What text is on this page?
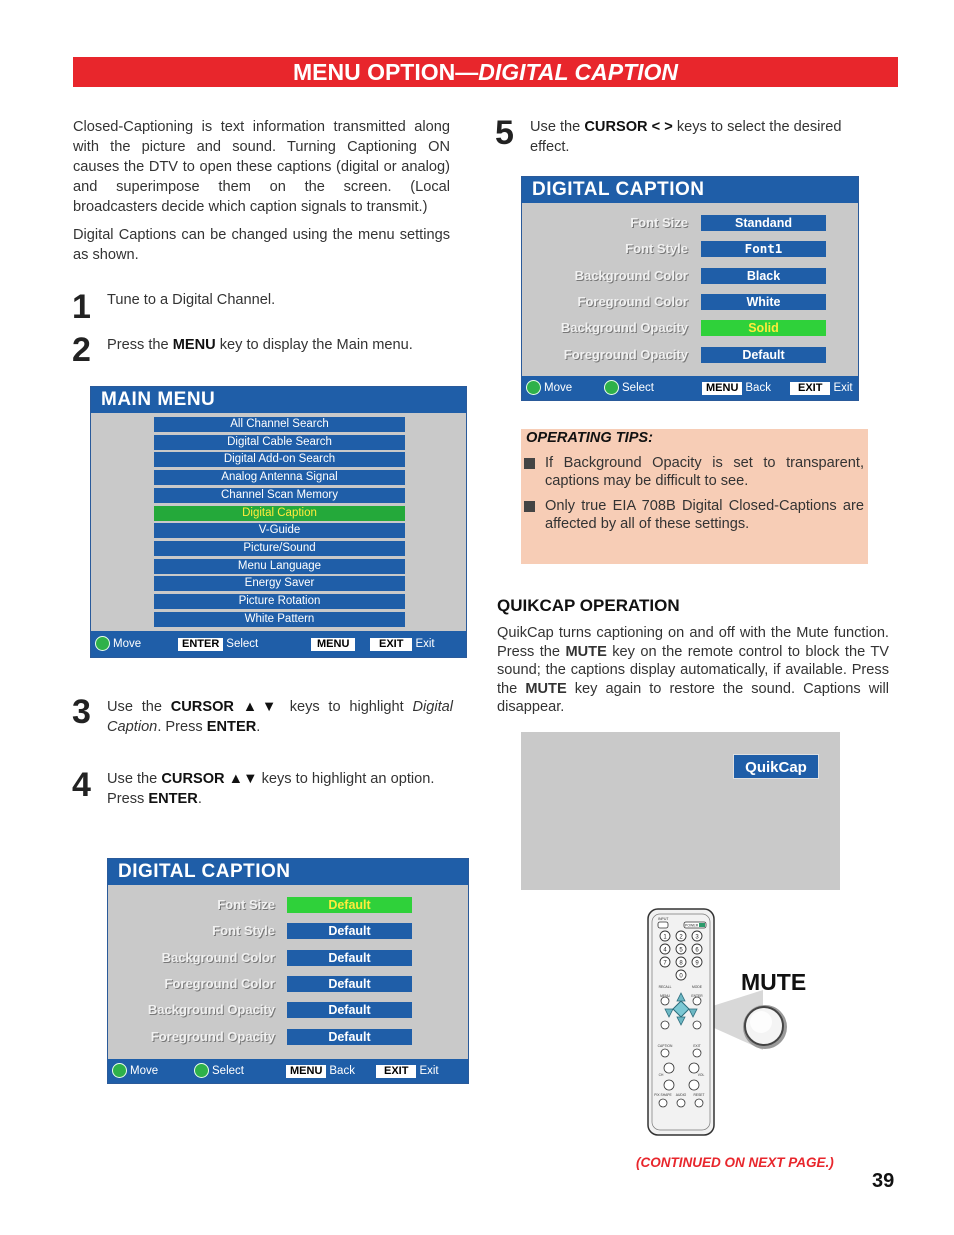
MENU OPTION—DIGITAL CAPTION

Closed-Captioning is text information transmitted along with the picture and sound. Turning Captioning ON causes the DTV to open these captions (digital or analog) and superimpose them on the screen. (Local broadcasters decide which caption signals to transmit.)

Digital Captions can be changed using the menu settings as shown.

1 Tune to a Digital Channel.
2 Press the MENU key to display the Main menu.
MAIN MENU
All Channel Search
Digital Cable Search
Digital Add-on Search
Analog Antenna Signal
Channel Scan Memory
Digital Caption
V-Guide
Picture/Sound
Menu Language
Energy Saver
Picture Rotation
White Pattern
Move	ENTER Select	MENU	EXIT Exit
3 Use the CURSOR ▲▼ keys to highlight Digital Caption. Press ENTER.
4 Use the CURSOR ▲▼ keys to highlight an option. Press ENTER.
DIGITAL CAPTION
Font Size	Default
Font Style	Default
Background Color	Default
Foreground Color	Default
Background Opacity	Default
Foreground Opacity	Default
Move	Select	MENU Back	EXIT Exit
5 Use the CURSOR < > keys to select the desired effect.
DIGITAL CAPTION
Font Size	Standand
Font Style	Font1
Background Color	Black
Foreground Color	White
Background Opacity	Solid
Foreground Opacity	Default
Move	Select	MENU Back	EXIT Exit
OPERATING TIPS:
If Background Opacity is set to transparent, captions may be difficult to see.
Only true EIA 708B Digital Closed-Captions are affected by all of these settings.
QUIKCAP OPERATION

QuikCap turns captioning on and off with the Mute function. Press the MUTE key on the remote control to block the TV sound; the captions display automatically, if available. Press the MUTE key again to restore the sound. Captions will disappear.

QuikCap
1 2 3
4 5 6
7 8 9
0
INPUT
POWER
RECALL	MODE
MENU	ENTER
CAPTION	EXIT
CH	VOL
PIX SHAPE AUDIO RESET
MUTE
(CONTINUED ON NEXT PAGE.)
39
